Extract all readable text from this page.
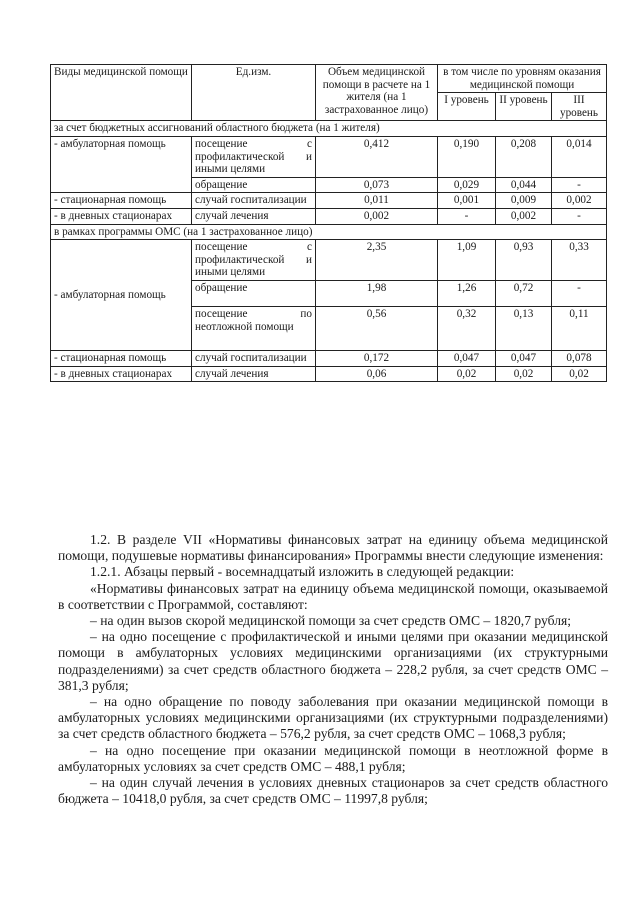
Виды медицинской помощи	Ед.изм.	Объем медицинской помощи в расчете на 1 жителя (на 1 застрахованное лицо)	в том числе по уровням оказания медицинской помощи		
			I уровень	II уровень	III уровень
за счет бюджетных ассигнований областного бюджета (на 1 жителя)					
- амбулаторная помощь	посещение с профилактической и иными целями	0,412	0,190	0,208	0,014
	обращение	0,073	0,029	0,044	-
- стационарная помощь	случай госпитализации	0,011	0,001	0,009	0,002
- в дневных стационарах	случай лечения	0,002	-	0,002	-
в рамках программы ОМС (на 1 застрахованное лицо)					
- амбулаторная помощь	посещение с профилактической и иными целями	2,35	1,09	0,93	0,33
	обращение	1,98	1,26	0,72	-
	посещение по неотложной помощи	0,56	0,32	0,13	0,11
- стационарная помощь	случай госпитализации	0,172	0,047	0,047	0,078
- в дневных стационарах	случай лечения	0,06	0,02	0,02	0,02

1.2. В разделе VII «Нормативы финансовых затрат на единицу объема медицинской помощи, подушевые нормативы финансирования» Программы внести следующие изменения:

1.2.1. Абзацы первый - восемнадцатый изложить в следующей редакции:

«Нормативы финансовых затрат на единицу объема медицинской помощи, оказываемой в соответствии с Программой, составляют:

– на один вызов скорой медицинской помощи за счет средств ОМС – 1820,7 рубля;

– на одно посещение с профилактической и иными целями при оказании медицинской помощи в амбулаторных условиях медицинскими организациями (их структурными подразделениями) за счет средств областного бюджета – 228,2 рубля, за счет средств ОМС – 381,3 рубля;

– на одно обращение по поводу заболевания при оказании медицинской помощи в амбулаторных условиях медицинскими организациями (их структурными подразделениями) за счет средств областного бюджета – 576,2 рубля, за счет средств ОМС – 1068,3 рубля;

– на одно посещение при оказании медицинской помощи в неотложной форме в амбулаторных условиях за счет средств ОМС – 488,1 рубля;

– на один случай лечения в условиях дневных стационаров за счет средств областного бюджета – 10418,0 рубля, за счет средств ОМС – 11997,8 рубля;
